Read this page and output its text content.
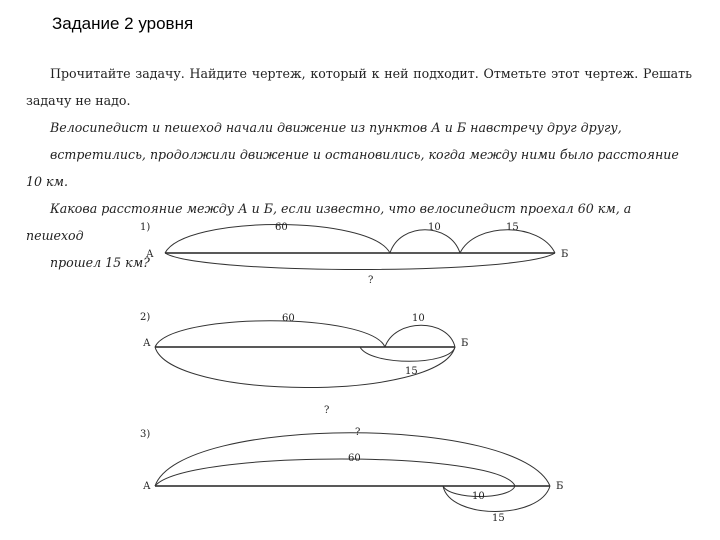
Задание 2 уровня

Прочитайте задачу. Найдите чертеж, который к ней подходит. Отметьте этот чертеж. Решать

задачу не надо.

Велосипедист и пешеход начали движение из пунктов А и Б навстречу друг другу,
встретились, продолжили движение и остановились, когда между ними было расстояние 10 км.
Какова расстояние между А и Б, если известно, что велосипедист проехал 60 км, а пешеход
прошел 15 км?

1)
А	Б
60	10	15
?
2)
А	Б
60	10
15
?
3)
А	Б
?
60
10
15
